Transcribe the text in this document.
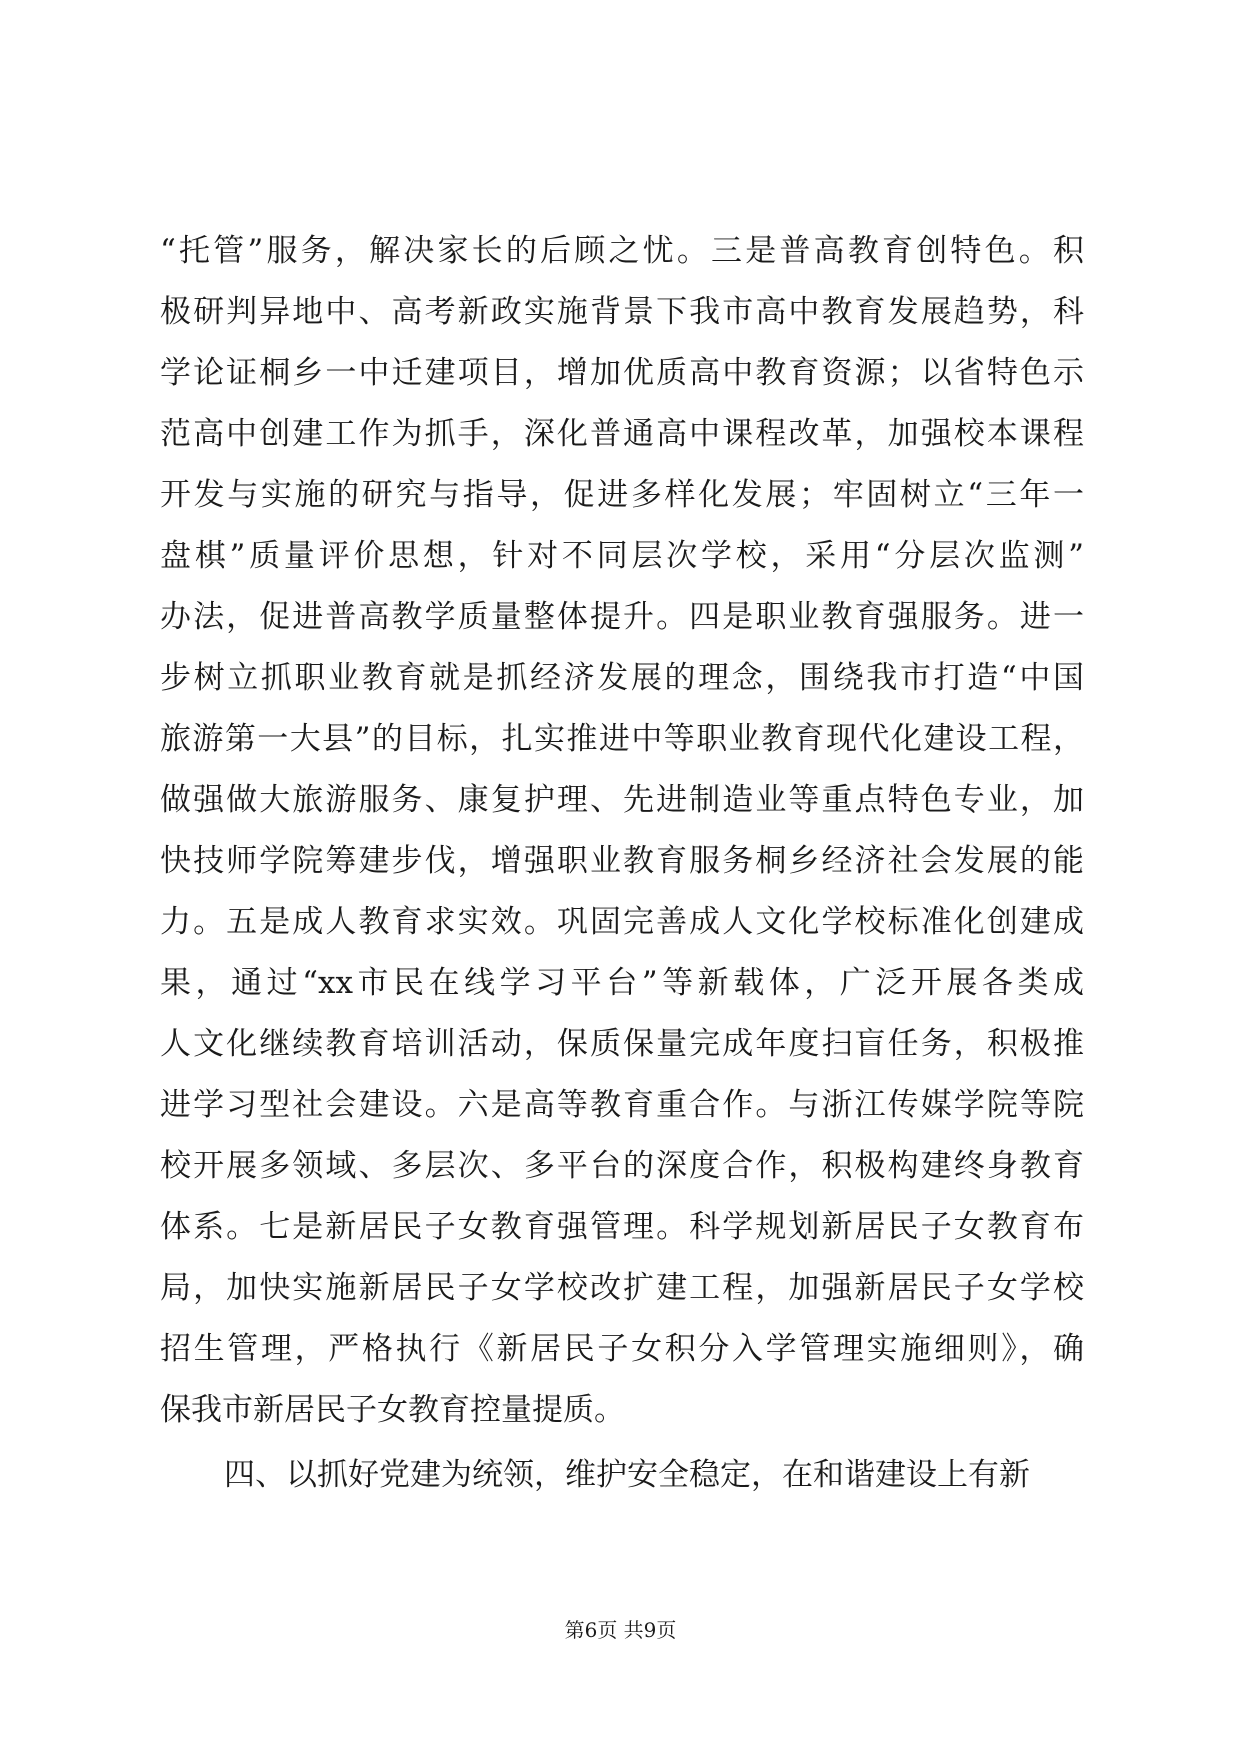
“托管”服务，解决家长的后顾之忧。三是普高教育创特色。积
极研判异地中、高考新政实施背景下我市高中教育发展趋势，科
学论证桐乡一中迁建项目，增加优质高中教育资源；以省特色示
范高中创建工作为抓手，深化普通高中课程改革，加强校本课程
开发与实施的研究与指导，促进多样化发展；牢固树立“三年一
盘棋”质量评价思想，针对不同层次学校，采用“分层次监测”
办法，促进普高教学质量整体提升。四是职业教育强服务。进一
步树立抓职业教育就是抓经济发展的理念，围绕我市打造“中国
旅游第一大县”的目标，扎实推进中等职业教育现代化建设工程，
做强做大旅游服务、康复护理、先进制造业等重点特色专业，加
快技师学院筹建步伐，增强职业教育服务桐乡经济社会发展的能
力。五是成人教育求实效。巩固完善成人文化学校标准化创建成
果，通过“xx市民在线学习平台”等新载体，广泛开展各类成
人文化继续教育培训活动，保质保量完成年度扫盲任务，积极推
进学习型社会建设。六是高等教育重合作。与浙江传媒学院等院
校开展多领域、多层次、多平台的深度合作，积极构建终身教育
体系。七是新居民子女教育强管理。科学规划新居民子女教育布
局，加快实施新居民子女学校改扩建工程，加强新居民子女学校
招生管理，严格执行《新居民子女积分入学管理实施细则》，确
保我市新居民子女教育控量提质。
四、以抓好党建为统领，维护安全稳定，在和谐建设上有新
第6页 共9页
